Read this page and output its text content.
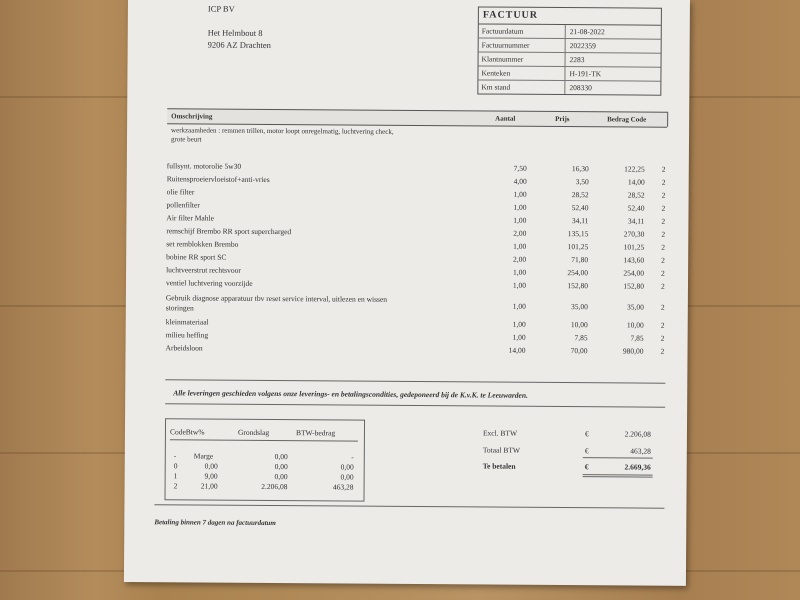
ICP BV
Het Helmbout 8
9206 AZ Drachten
FACTUUR
Factuurdatum	21-08-2022
Factuurnummer	2022359
Klantnummer	2283
Kenteken	H-191-TK
Km stand	208330
Omschrijving	Aantal	Prijs	Bedrag Code
werkzaamheden : remmen trillen, motor loopt onregelmatig, luchtvering check,
grote beurt
fullsynt. motorolie 5w30	7,50	16,30	122,25 2
Ruitensproeiervloeistof+anti-vries	4,00	3,50	14,00 2
olie filter	1,00	28,52	28,52 2
pollenfilter	1,00	52,40	52,40 2
Air filter Mahle	1,00	34,11	34,11 2
remschijf Brembo RR sport supercharged	2,00	135,15	270,30 2
set remblokken Brembo	1,00	101,25	101,25 2
bobine RR sport SC	2,00	71,80	143,60 2
luchtveerstrut rechtsvoor	1,00	254,00	254,00 2
ventiel luchtvering voorzijde	1,00	152,80	152,80 2
Gebruik diagnose apparatuur tbv reset service interval, uitlezen en wissen
1,00	35,00	35,00 2
storingen
kleinmateriaal	1,00	10,00	10,00 2
milieu heffing	1,00	7,85	7,85 2
Arbeidsloon	14,00	70,00	980,00 2
Alle leveringen geschieden volgens onze leverings- en betalingscondities, gedeponeerd bij de K.v.K. te Leeuwarden.
CodeBtw%	Grondslag	BTW-bedrag
- Marge	0,00	-
0	0,00	0,00	0,00
1	9,00	0,00	0,00
2	21,00	2.206,08	463,28
Excl. BTW	€	2.206,08
Totaal BTW	€	463,28
Te betalen	€	2.669,36
Betaling binnen 7 dagen na factuurdatum
